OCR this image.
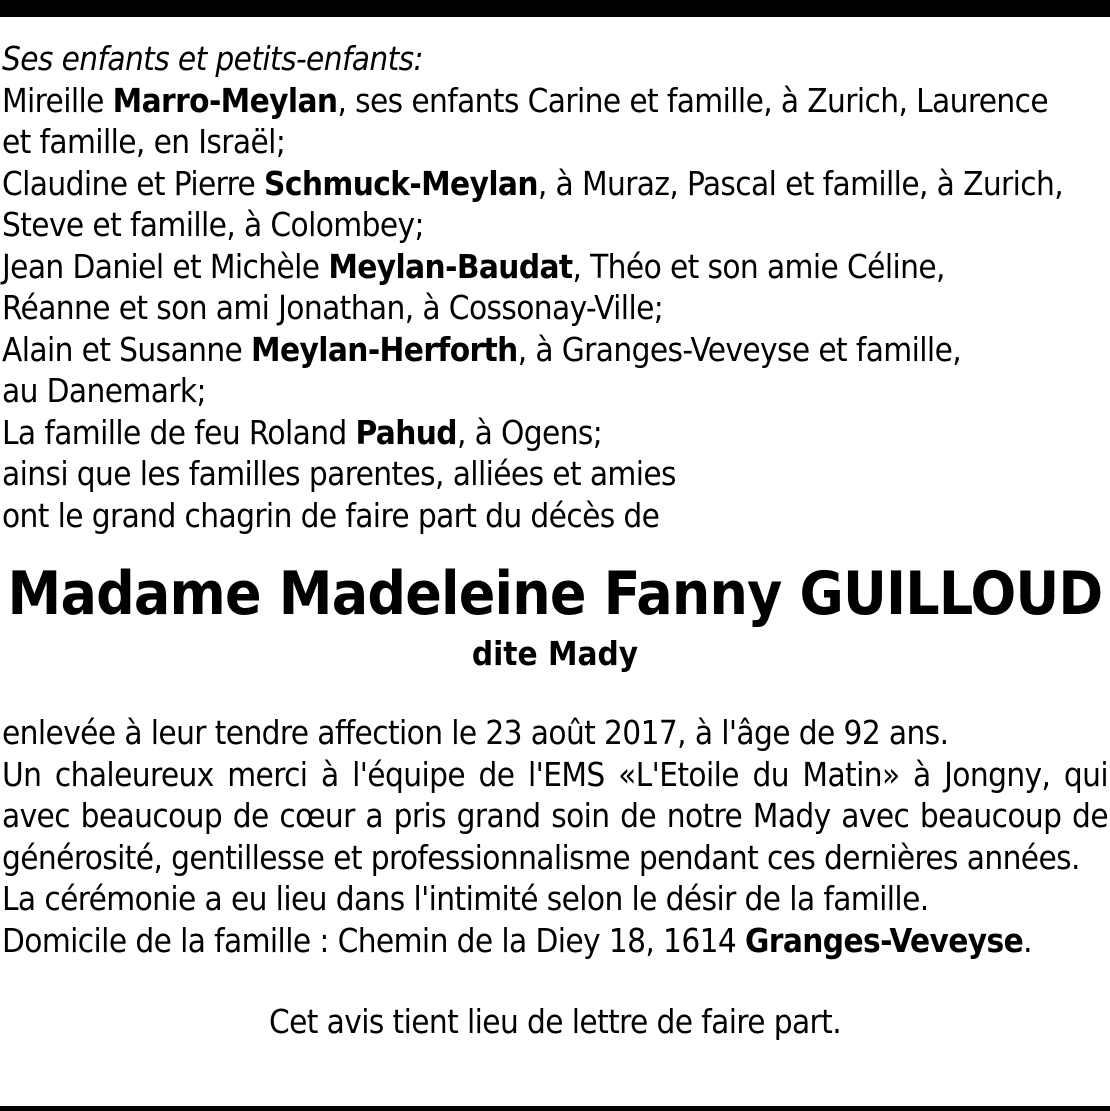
Ses enfants et petits-enfants:
Mireille Marro-Meylan, ses enfants Carine et famille, à Zurich, Laurence
et famille, en Israël;
Claudine et Pierre Schmuck-Meylan, à Muraz, Pascal et famille, à Zurich,
Steve et famille, à Colombey;
Jean Daniel et Michèle Meylan-Baudat, Théo et son amie Céline,
Réanne et son ami Jonathan, à Cossonay-Ville;
Alain et Susanne Meylan-Herforth, à Granges-Veveyse et famille,
au Danemark;
La famille de feu Roland Pahud, à Ogens;
ainsi que les familles parentes, alliées et amies
ont le grand chagrin de faire part du décès de
Madame Madeleine Fanny GUILLOUD
dite Mady
enlevée à leur tendre affection le 23 août 2017, à l'âge de 92 ans.
Un chaleureux merci à l'équipe de l'EMS «L'Etoile du Matin» à Jongny, qui avec beaucoup de cœur a pris grand soin de notre Mady avec beaucoup de générosité, gentillesse et professionnalisme pendant ces dernières années.
La cérémonie a eu lieu dans l'intimité selon le désir de la famille.
Domicile de la famille : Chemin de la Diey 18, 1614 Granges-Veveyse.
Cet avis tient lieu de lettre de faire part.
